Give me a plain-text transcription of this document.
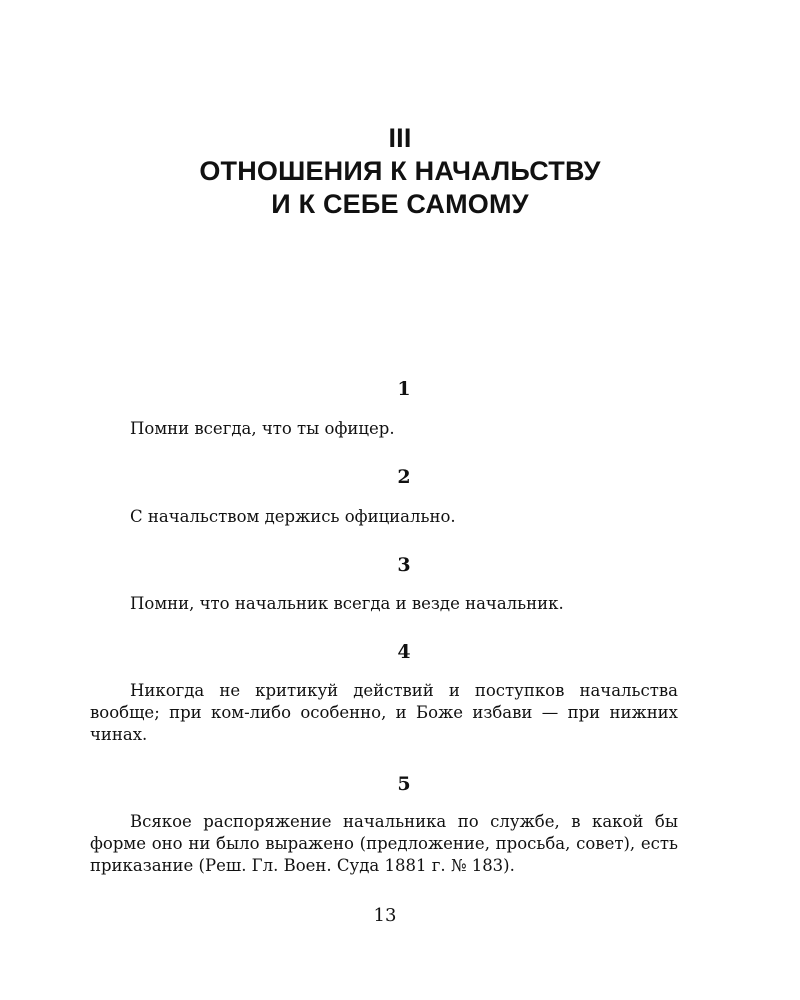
III
ОТНОШЕНИЯ К НАЧАЛЬСТВУ
И К СЕБЕ САМОМУ
1
Помни всегда, что ты офицер.
2
С начальством держись официально.
3
Помни, что начальник всегда и везде начальник.
4
Никогда не критикуй действий и поступков начальства вообще; при ком-либо особенно, и Боже избави — при нижних чинах.
5
Всякое распоряжение начальника по службе, в какой бы форме оно ни было выражено (предложение, просьба, совет), есть приказание (Реш. Гл. Воен. Суда 1881 г. № 183).
13
